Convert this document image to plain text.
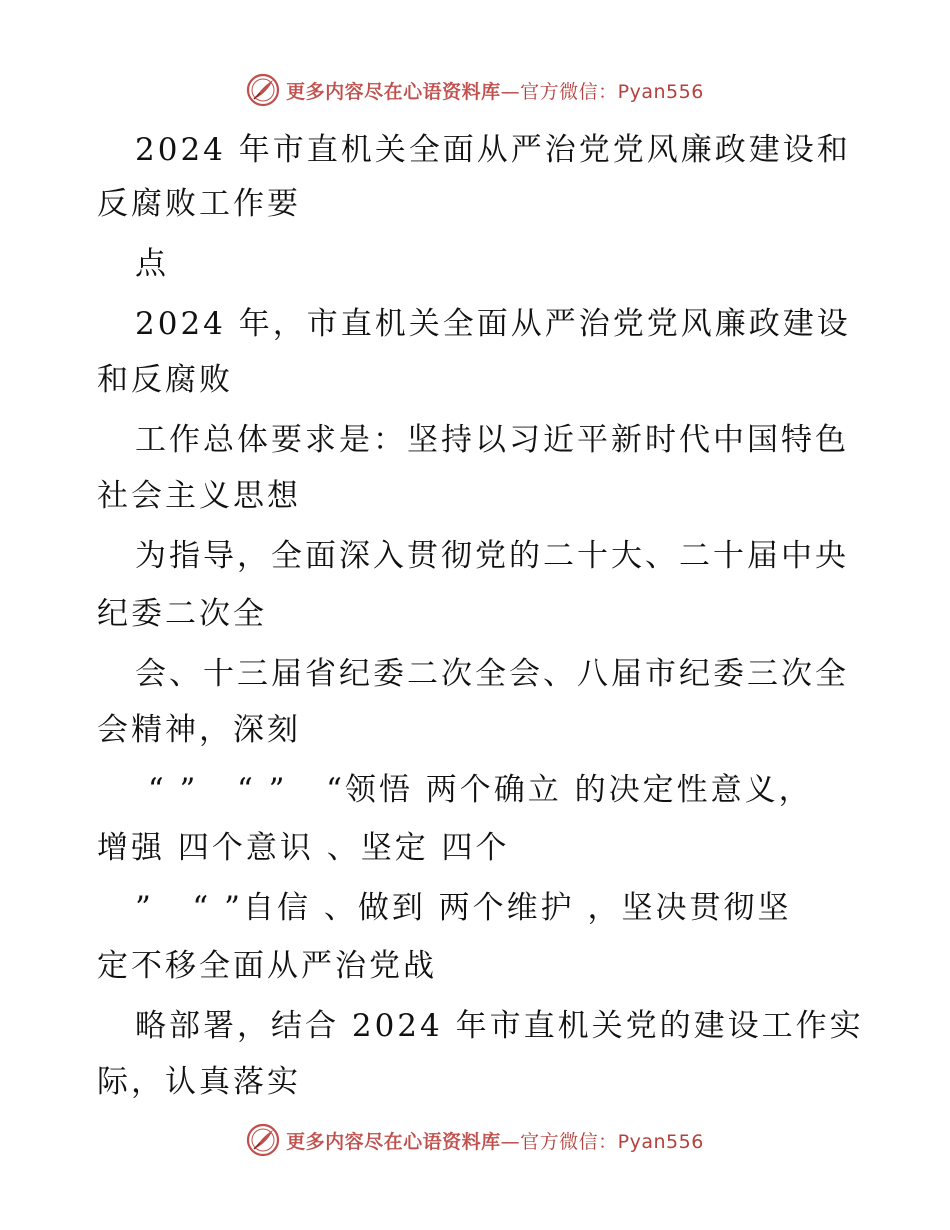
更多内容尽在心语资料库—官方微信：Pyan556
2024 年市直机关全面从严治党党风廉政建设和
反腐败工作要
点
2024 年，市直机关全面从严治党党风廉政建设
和反腐败
工作总体要求是：坚持以习近平新时代中国特色
社会主义思想
为指导，全面深入贯彻党的二十大、二十届中央
纪委二次全
会、十三届省纪委二次全会、八届市纪委三次全
会精神，深刻
“ ”   “ ”   “领悟 两个确立 的决定性意义，
增强 四个意识 、坚定 四个
”   “ ”自信 、做到 两个维护 ，坚决贯彻坚
定不移全面从严治党战
略部署，结合 2024 年市直机关党的建设工作实
际，认真落实
更多内容尽在心语资料库—官方微信：Pyan556
